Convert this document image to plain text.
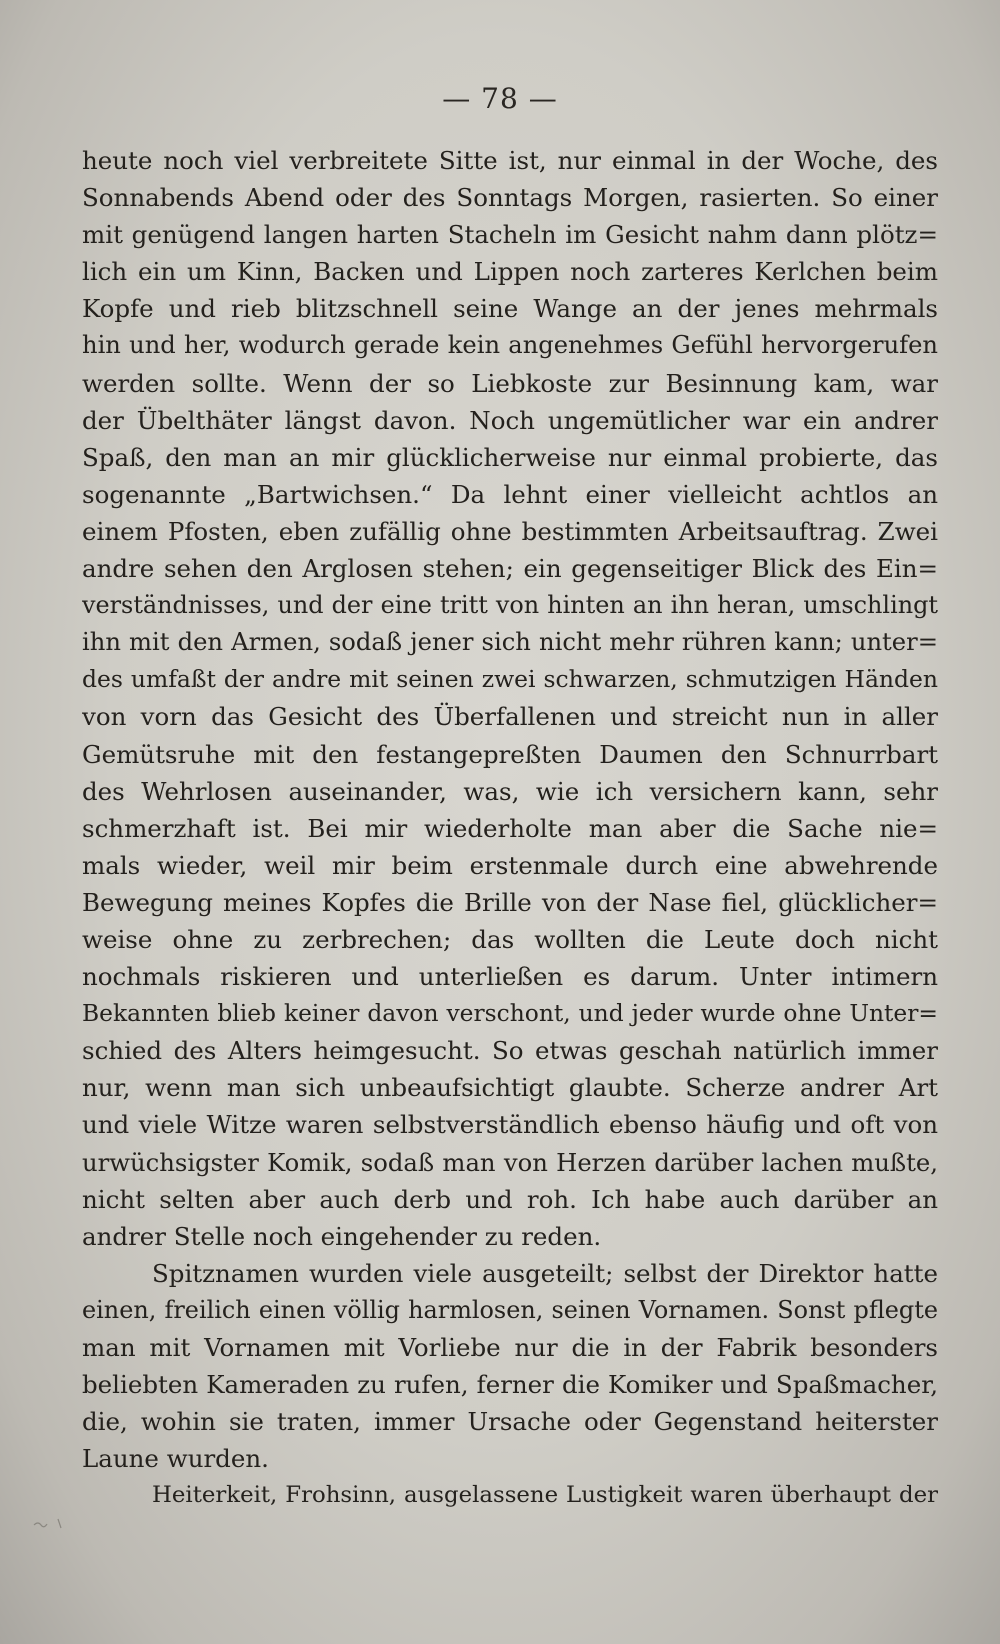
— 78 —
heute noch viel verbreitete Sitte ist, nur einmal in der Woche, des
Sonnabends Abend oder des Sonntags Morgen, rasierten. So einer
mit genügend langen harten Stacheln im Gesicht nahm dann plötz=
lich ein um Kinn, Backen und Lippen noch zarteres Kerlchen beim
Kopfe und rieb blitzschnell seine Wange an der jenes mehrmals
hin und her, wodurch gerade kein angenehmes Gefühl hervorgerufen
werden sollte. Wenn der so Liebkoste zur Besinnung kam, war
der Übelthäter längst davon. Noch ungemütlicher war ein andrer
Spaß, den man an mir glücklicherweise nur einmal probierte, das
sogenannte „Bartwichsen.“ Da lehnt einer vielleicht achtlos an
einem Pfosten, eben zufällig ohne bestimmten Arbeitsauftrag. Zwei
andre sehen den Arglosen stehen; ein gegenseitiger Blick des Ein=
verständnisses, und der eine tritt von hinten an ihn heran, umschlingt
ihn mit den Armen, sodaß jener sich nicht mehr rühren kann; unter=
des umfaßt der andre mit seinen zwei schwarzen, schmutzigen Händen
von vorn das Gesicht des Überfallenen und streicht nun in aller
Gemütsruhe mit den festangepreßten Daumen den Schnurrbart
des Wehrlosen auseinander, was, wie ich versichern kann, sehr
schmerzhaft ist. Bei mir wiederholte man aber die Sache nie=
mals wieder, weil mir beim erstenmale durch eine abwehrende
Bewegung meines Kopfes die Brille von der Nase fiel, glücklicher=
weise ohne zu zerbrechen; das wollten die Leute doch nicht
nochmals riskieren und unterließen es darum. Unter intimern
Bekannten blieb keiner davon verschont, und jeder wurde ohne Unter=
schied des Alters heimgesucht. So etwas geschah natürlich immer
nur, wenn man sich unbeaufsichtigt glaubte. Scherze andrer Art
und viele Witze waren selbstverständlich ebenso häufig und oft von
urwüchsigster Komik, sodaß man von Herzen darüber lachen mußte,
nicht selten aber auch derb und roh. Ich habe auch darüber an
andrer Stelle noch eingehender zu reden.
Spitznamen wurden viele ausgeteilt; selbst der Direktor hatte
einen, freilich einen völlig harmlosen, seinen Vornamen. Sonst pflegte
man mit Vornamen mit Vorliebe nur die in der Fabrik besonders
beliebten Kameraden zu rufen, ferner die Komiker und Spaßmacher,
die, wohin sie traten, immer Ursache oder Gegenstand heiterster
Laune wurden.
Heiterkeit, Frohsinn, ausgelassene Lustigkeit waren überhaupt der
